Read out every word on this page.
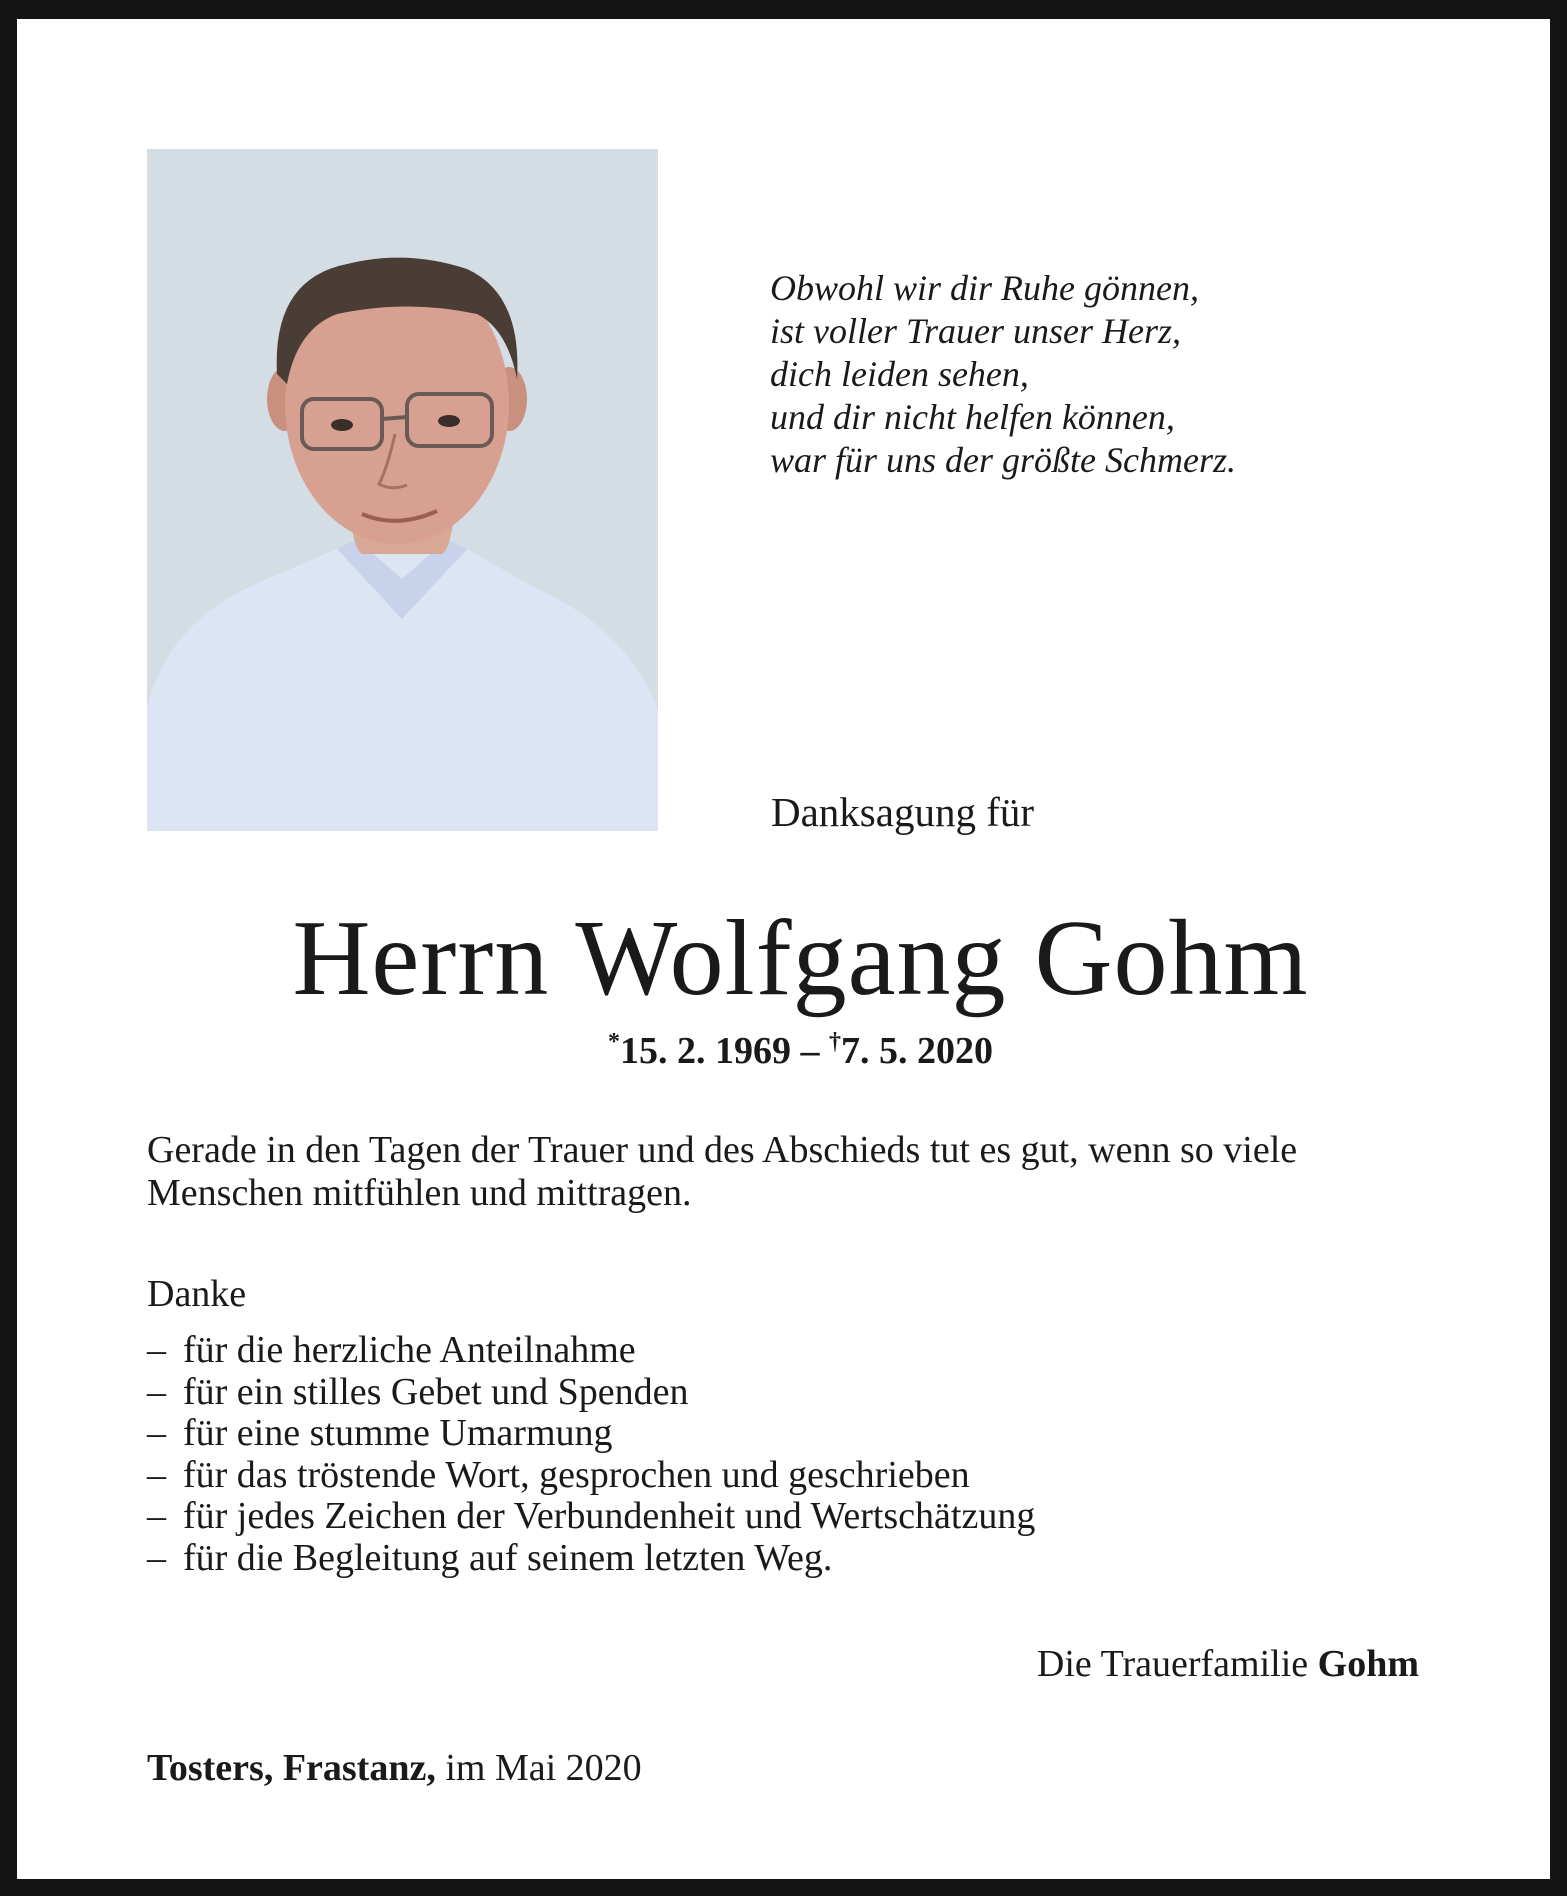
Obwohl wir dir Ruhe gönnen,
ist voller Trauer unser Herz,
dich leiden sehen,
und dir nicht helfen können,
war für uns der größte Schmerz.
Danksagung für
Herrn Wolfgang Gohm
*15. 2. 1969 – †7. 5. 2020
Gerade in den Tagen der Trauer und des Abschieds tut es gut, wenn so viele
Menschen mitfühlen und mittragen.
Danke
– für die herzliche Anteilnahme
– für ein stilles Gebet und Spenden
– für eine stumme Umarmung
– für das tröstende Wort, gesprochen und geschrieben
– für jedes Zeichen der Verbundenheit und Wertschätzung
– für die Begleitung auf seinem letzten Weg.
Die Trauerfamilie Gohm
Tosters, Frastanz, im Mai 2020
